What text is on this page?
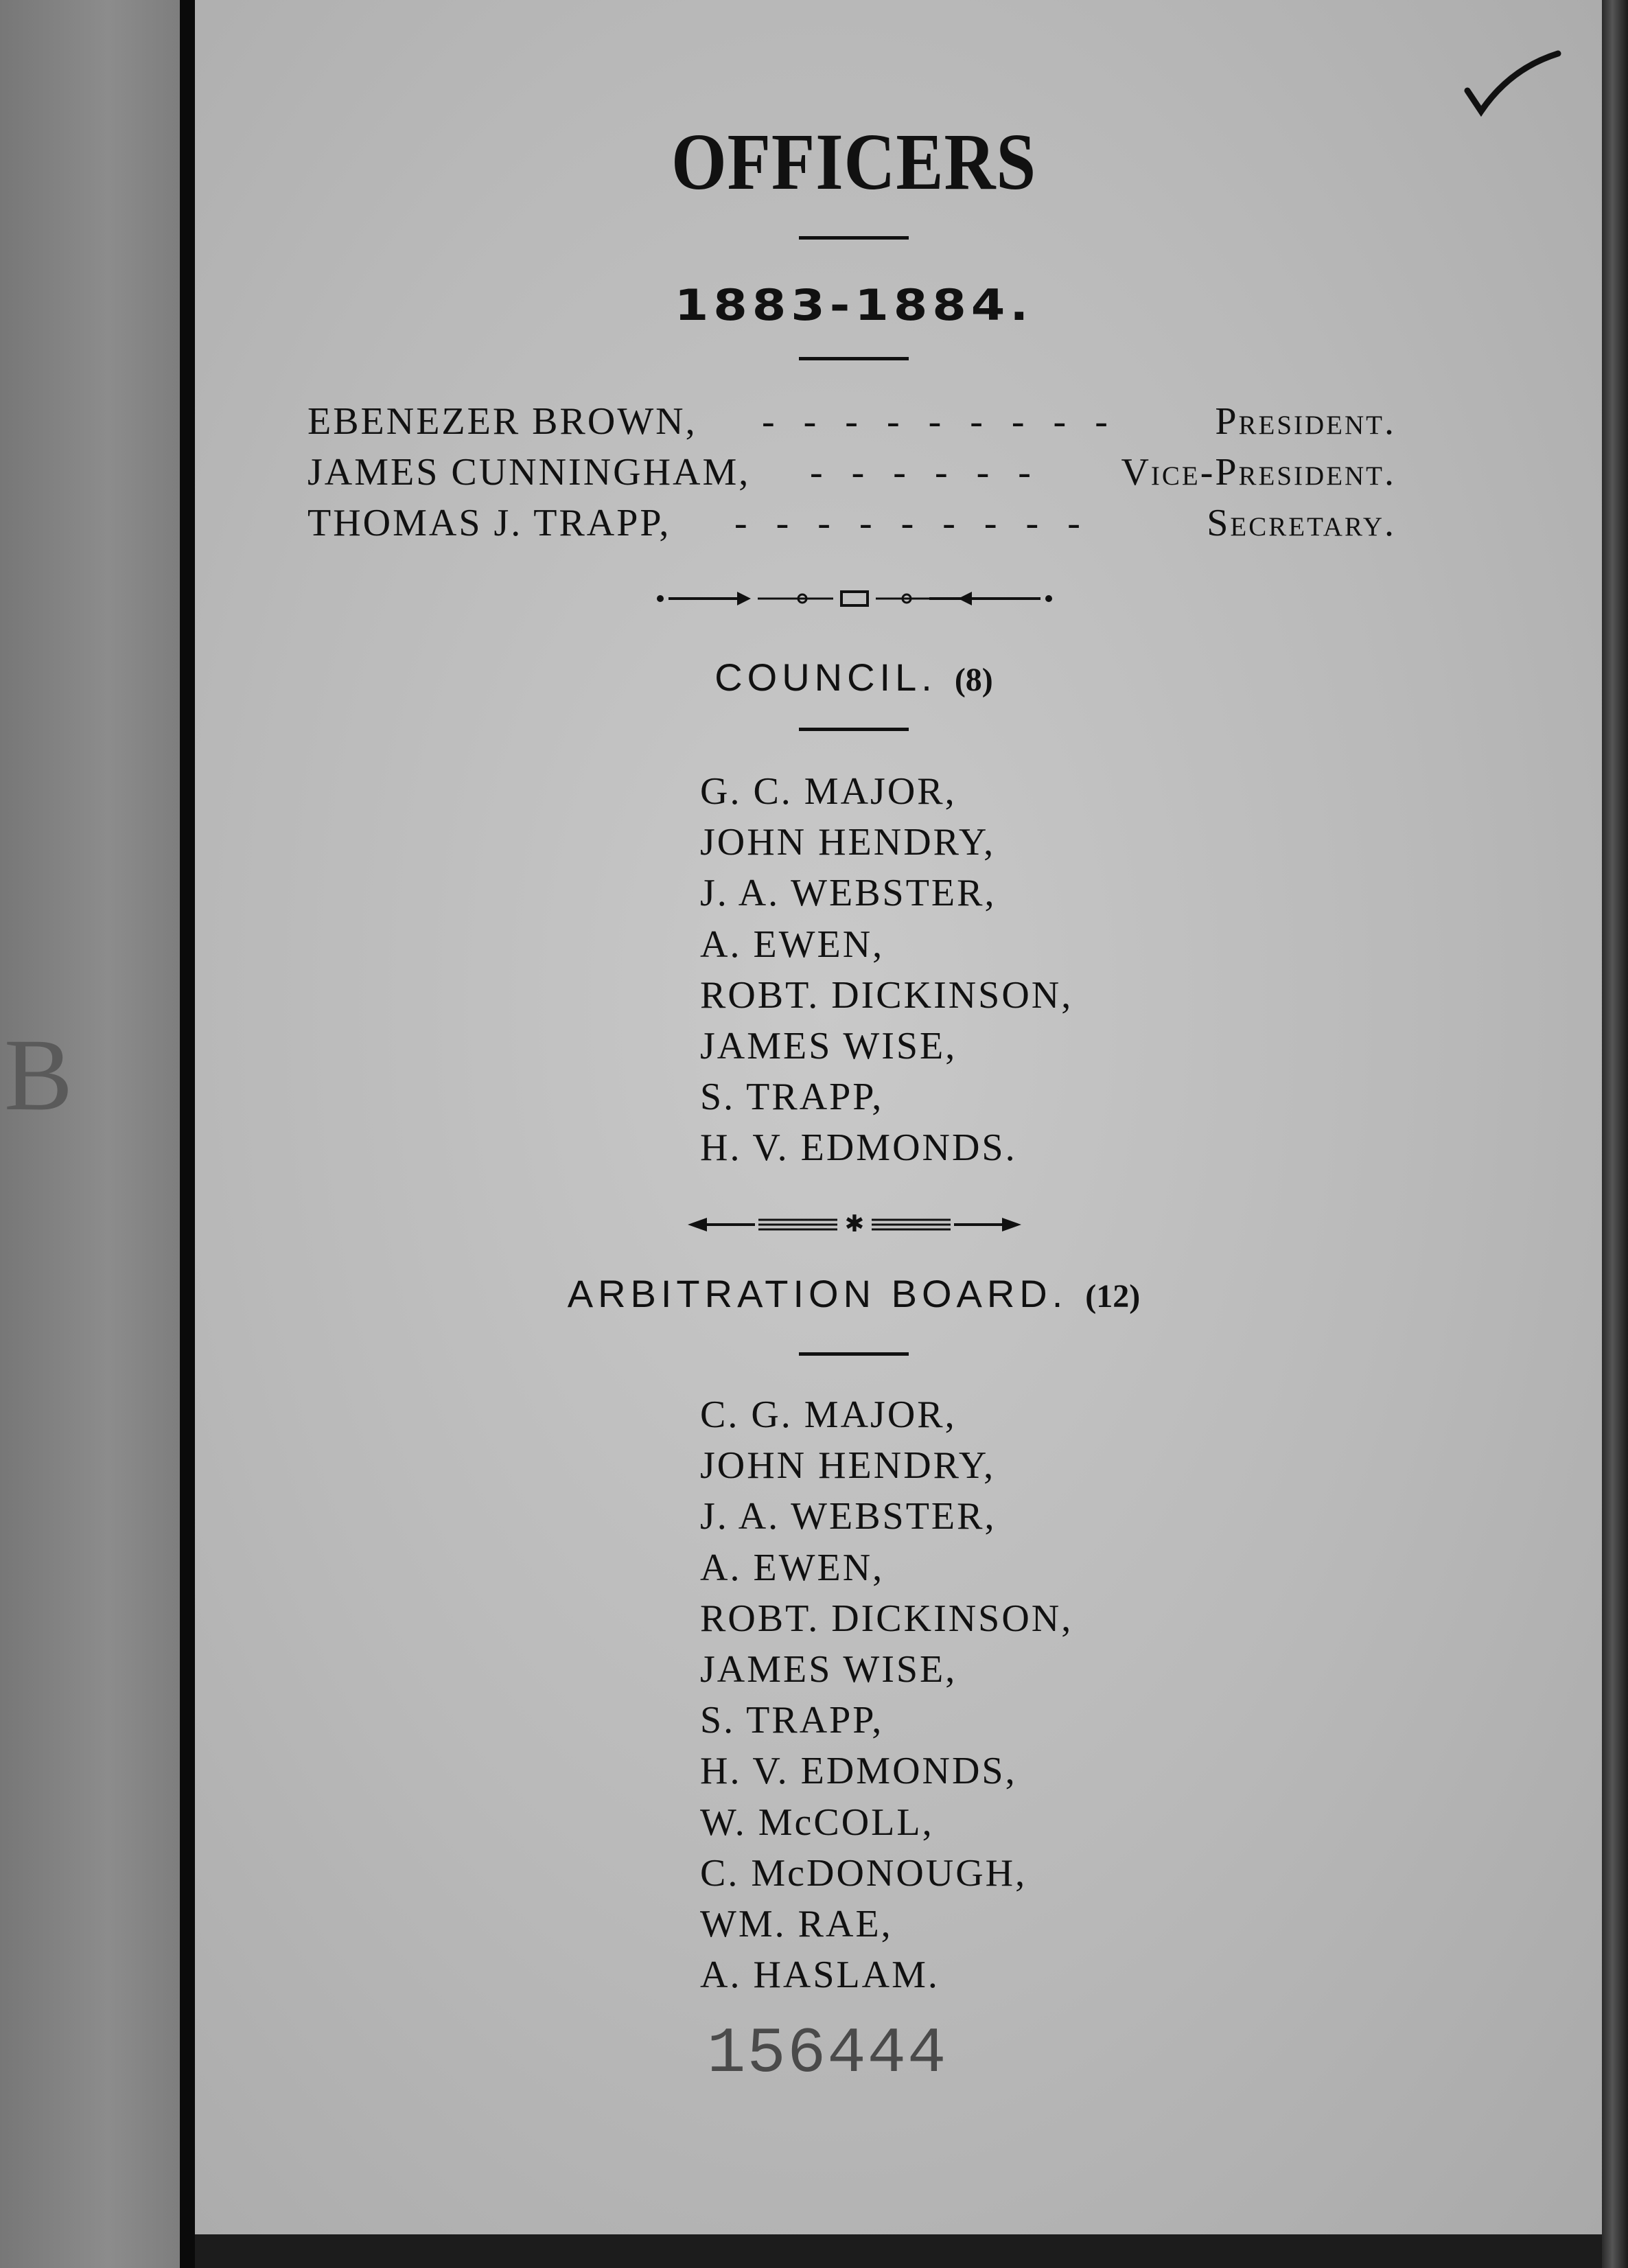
B
OFFICERS
1883-1884.
EBENEZER BROWN, - - - - - - - - -	President.
JAMES CUNNINGHAM, - - - - - - Vice-President.
THOMAS J. TRAPP, - - - - - - - - -	Secretary.
COUNCIL. (8)
G. C. MAJOR,
JOHN HENDRY,
J. A. WEBSTER,
A. EWEN,
ROBT. DICKINSON,
JAMES WISE,
S. TRAPP,
H. V. EDMONDS.
✱
ARBITRATION BOARD. (12)
C. G. MAJOR,
JOHN HENDRY,
J. A. WEBSTER,
A. EWEN,
ROBT. DICKINSON,
JAMES WISE,
S. TRAPP,
H. V. EDMONDS,
W. McCOLL,
C. McDONOUGH,
WM. RAE,
A. HASLAM.
156444
